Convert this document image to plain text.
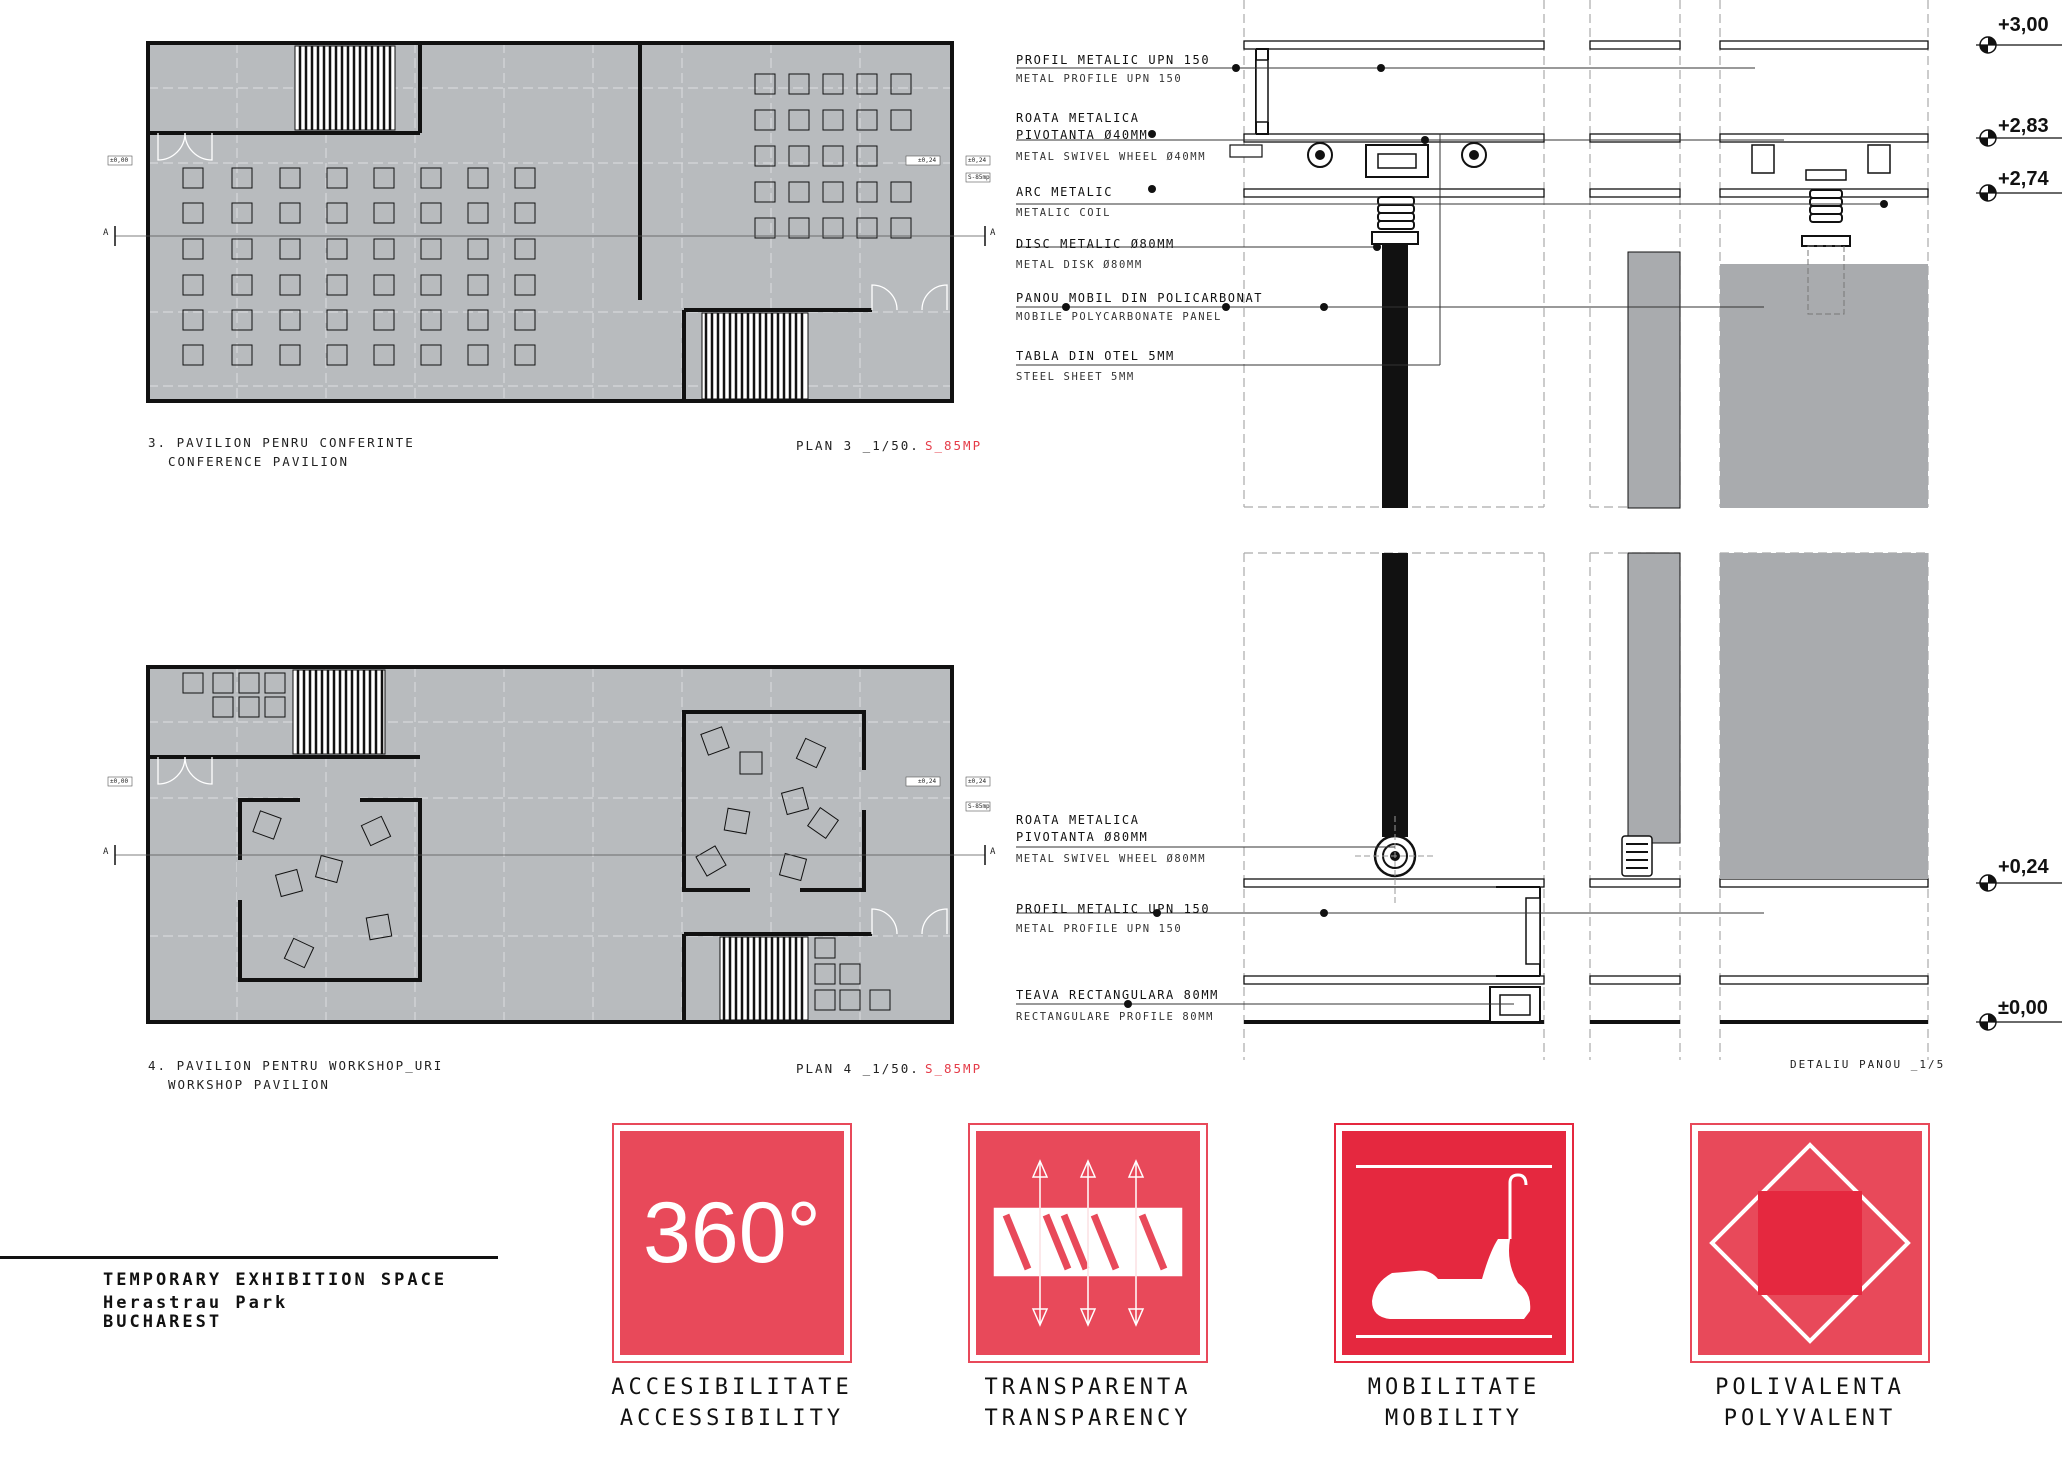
±0,00	±0,24
S-85mp
±0,24
A	A
3. PAVILION PENRU CONFERINTE
CONFERENCE PAVILION
PLAN 3 _1/50. S_85MP
±0,00	±0,24
S-85mp
±0,24
A	A
4. PAVILION PENTRU WORKSHOP_URI
WORKSHOP PAVILION
PLAN 4 _1/50. S_85MP
PROFIL METALIC UPN 150
METAL PROFILE UPN 150
ROATA METALICA
PIVOTANTA Ø40MM
METAL SWIVEL WHEEL Ø40MM
ARC METALIC
METALIC COIL
DISC METALIC Ø80MM
METAL DISK Ø80MM
PANOU MOBIL DIN POLICARBONAT
MOBILE POLYCARBONATE PANEL
TABLA DIN OTEL 5MM
STEEL SHEET 5MM
ROATA METALICA
PIVOTANTA Ø80MM
METAL SWIVEL WHEEL Ø80MM
PROFIL METALIC UPN 150
METAL PROFILE UPN 150
TEAVA RECTANGULARA 80MM
RECTANGULARE PROFILE 80MM
+3,00
+2,83
+2,74
+0,24
±0,00
DETALIU PANOU _1/5
TEMPORARY EXHIBITION SPACE
Herastrau Park
BUCHAREST
360°
ACCESIBILITATE
ACCESSIBILITY
TRANSPARENTA
TRANSPARENCY
MOBILITATE
MOBILITY
POLIVALENTA
POLYVALENT
